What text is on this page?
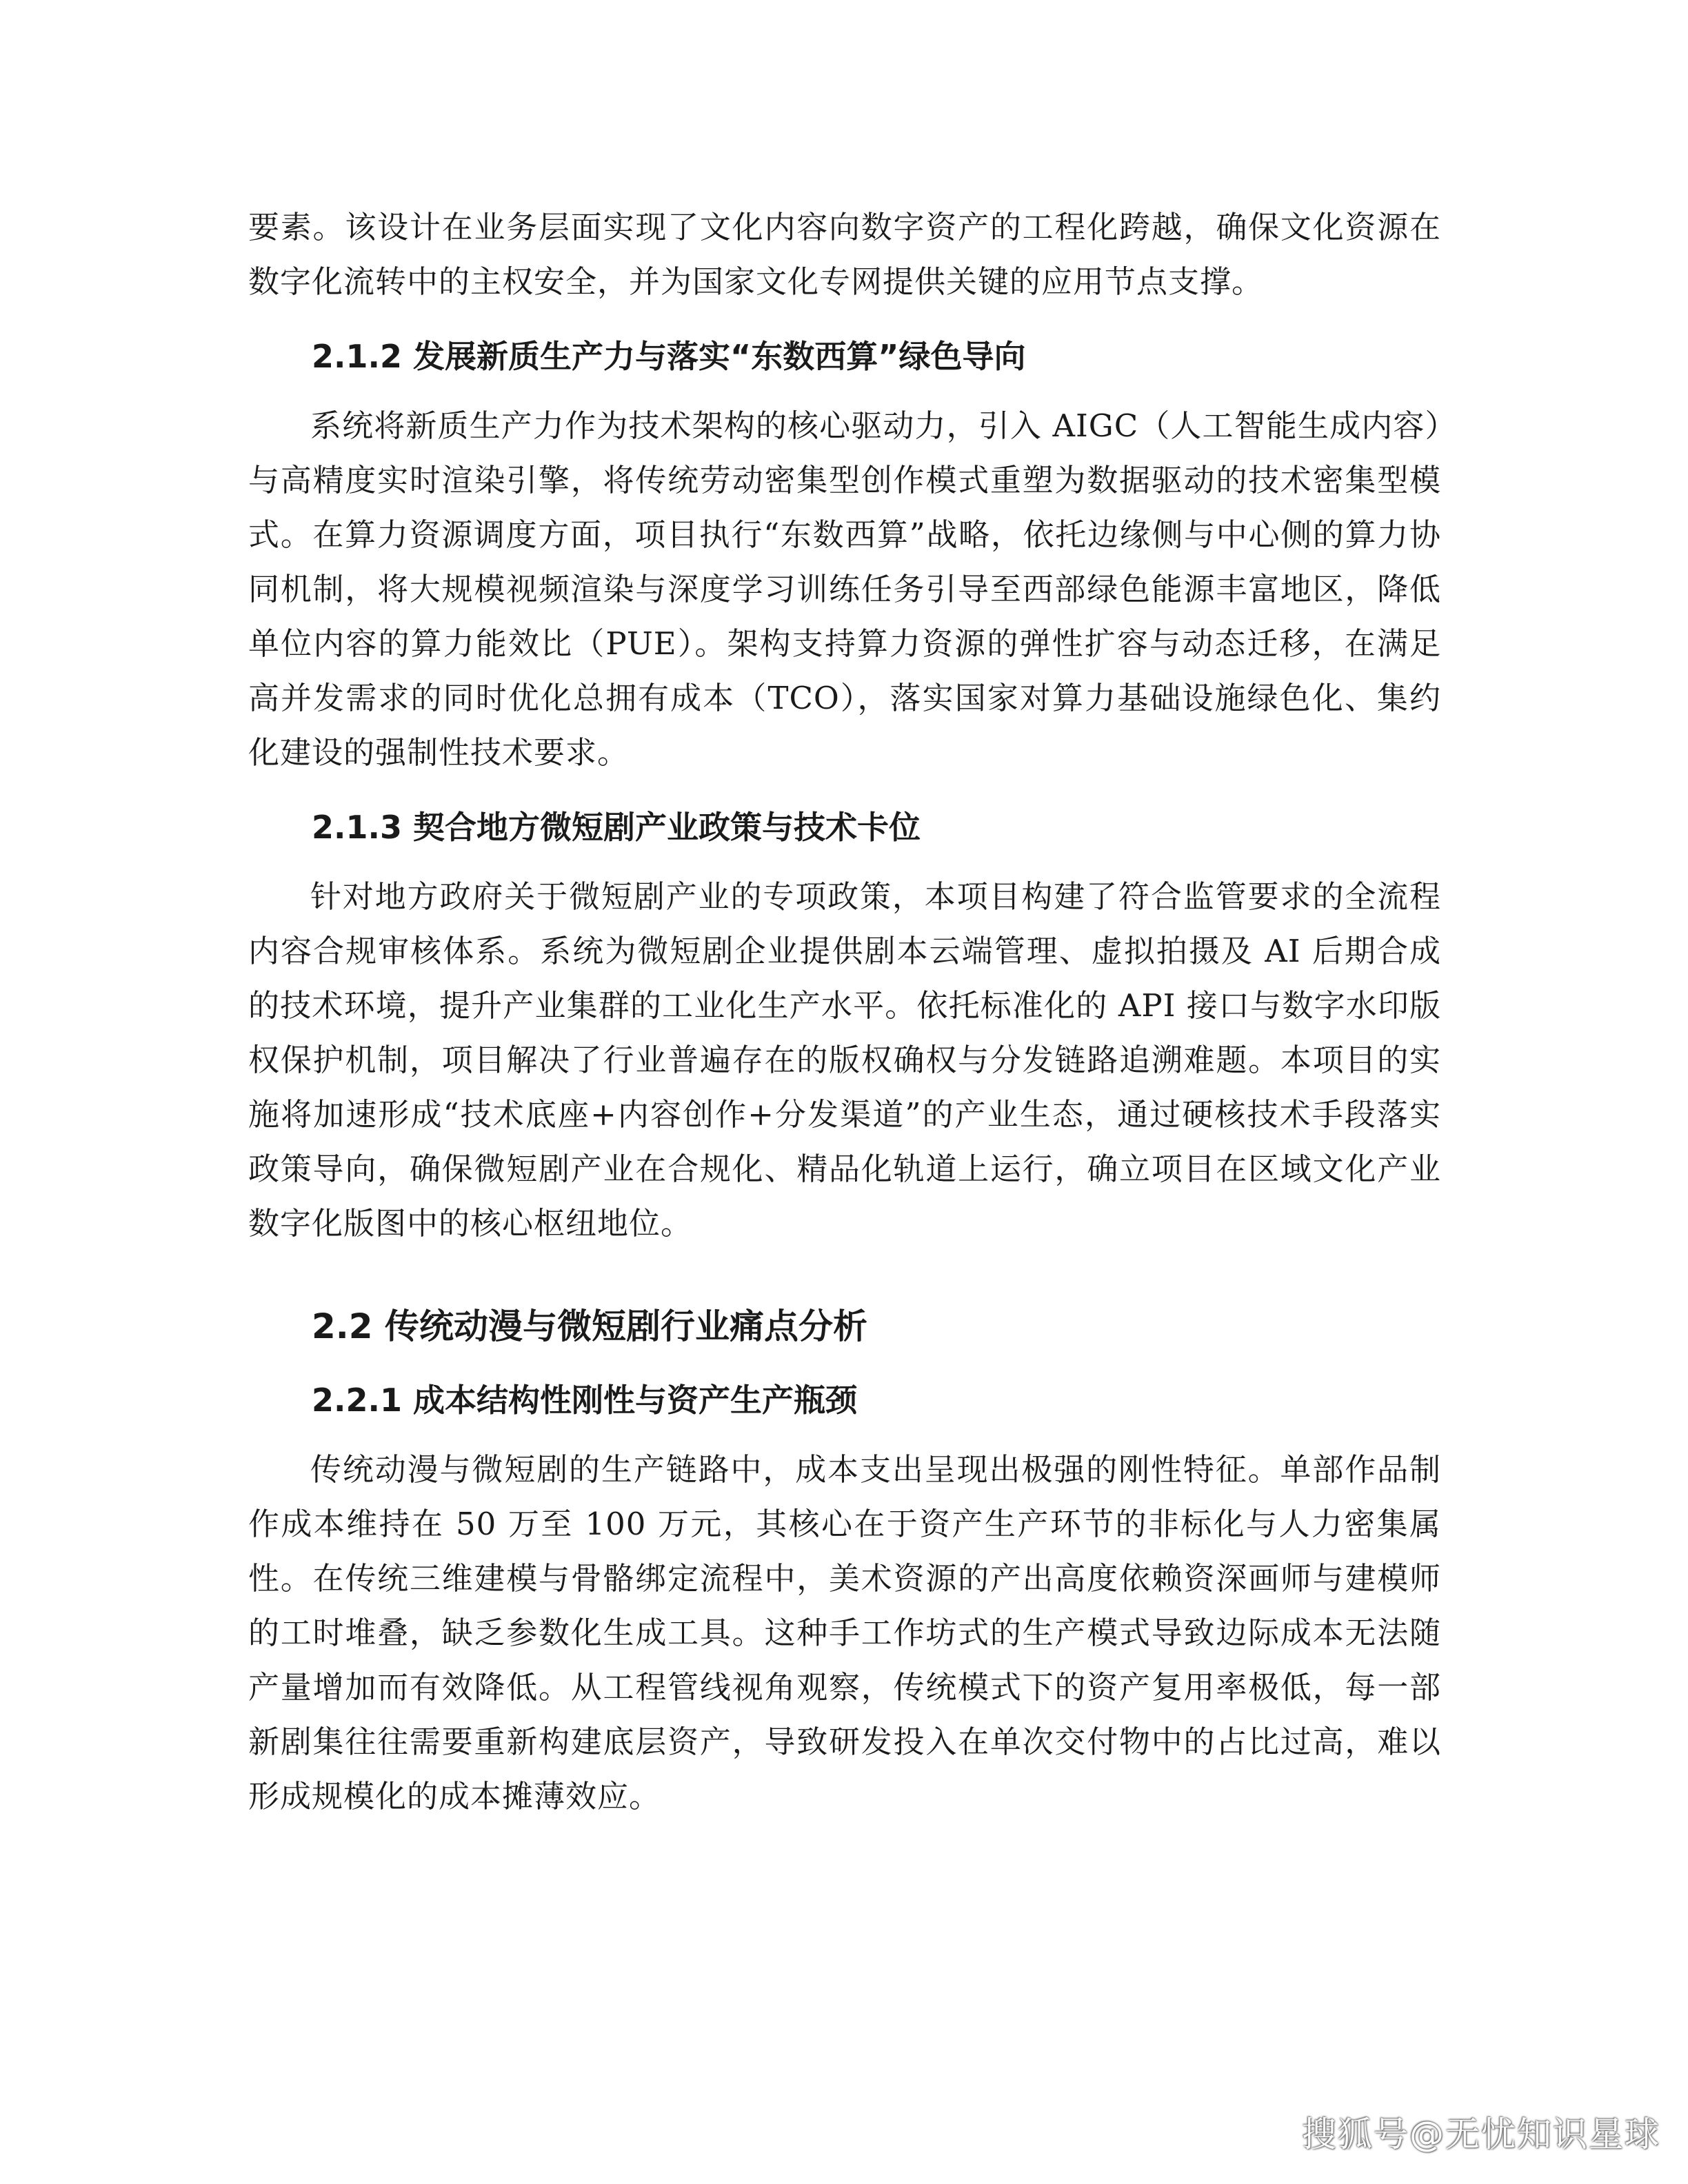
要素。该设计在业务层面实现了文化内容向数字资产的工程化跨越，确保文化资源在数字化流转中的主权安全，并为国家文化专网提供关键的应用节点支撑。

2.1.2 发展新质生产力与落实“东数西算”绿色导向

系统将新质生产力作为技术架构的核心驱动力，引入 AIGC（人工智能生成内容）与高精度实时渲染引擎，将传统劳动密集型创作模式重塑为数据驱动的技术密集型模式。在算力资源调度方面，项目执行“东数西算”战略，依托边缘侧与中心侧的算力协同机制，将大规模视频渲染与深度学习训练任务引导至西部绿色能源丰富地区，降低单位内容的算力能效比（PUE）。架构支持算力资源的弹性扩容与动态迁移，在满足高并发需求的同时优化总拥有成本（TCO），落实国家对算力基础设施绿色化、集约化建设的强制性技术要求。

2.1.3 契合地方微短剧产业政策与技术卡位

针对地方政府关于微短剧产业的专项政策，本项目构建了符合监管要求的全流程内容合规审核体系。系统为微短剧企业提供剧本云端管理、虚拟拍摄及 AI 后期合成的技术环境，提升产业集群的工业化生产水平。依托标准化的 API 接口与数字水印版权保护机制，项目解决了行业普遍存在的版权确权与分发链路追溯难题。本项目的实施将加速形成“技术底座+内容创作+分发渠道”的产业生态，通过硬核技术手段落实政策导向，确保微短剧产业在合规化、精品化轨道上运行，确立项目在区域文化产业数字化版图中的核心枢纽地位。

2.2 传统动漫与微短剧行业痛点分析
2.2.1 成本结构性刚性与资产生产瓶颈

传统动漫与微短剧的生产链路中，成本支出呈现出极强的刚性特征。单部作品制作成本维持在 50 万至 100 万元，其核心在于资产生产环节的非标化与人力密集属性。在传统三维建模与骨骼绑定流程中，美术资源的产出高度依赖资深画师与建模师的工时堆叠，缺乏参数化生成工具。这种手工作坊式的生产模式导致边际成本无法随产量增加而有效降低。从工程管线视角观察，传统模式下的资产复用率极低，每一部新剧集往往需要重新构建底层资产，导致研发投入在单次交付物中的占比过高，难以形成规模化的成本摊薄效应。

搜狐号@无忧知识星球
